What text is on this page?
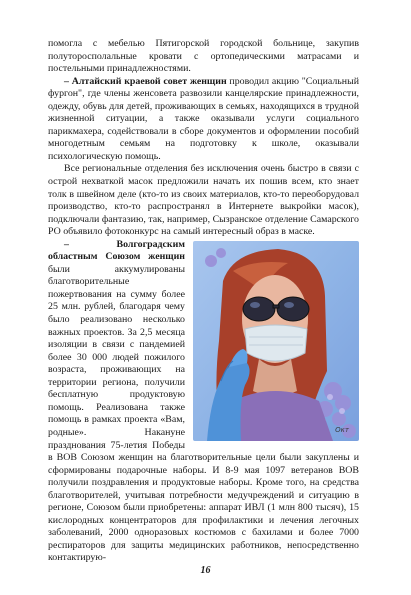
помогла с мебелью Пятигорской городской больнице, закупив полуторосполальные кровати с ортопедическими матрасами и постельными принадлежностями.

– Алтайский краевой совет женщин проводил акцию "Социальный фургон", где члены женсовета развозили канцелярские принадлежности, одежду, обувь для детей, проживающих в семьях, находящихся в трудной жизненной ситуации, а также оказывали услуги социального парикмахера, содействовали в сборе документов и оформлении пособий многодетным семьям на подготовку к школе, оказывали психологическую помощь.

Все региональные отделения без исключения очень быстро в связи с острой нехваткой масок предложили начать их пошив всем, кто знает толк в швейном деле (кто-то из своих материалов, кто-то переоборудовал производство, кто-то распространял в Интернете выкройки масок), подключали фантазию, так, например, Сызранское отделение Самарского РО объявило фотоконкурс на самый интересный образ в маске.

Окт
– Волгоградским областным Союзом женщин были аккумулированы благотворительные пожертвования на сумму более 25 млн. рублей, благодаря чему было реализовано несколько важных проектов. За 2,5 месяца изоляции в связи с пандемией более 30 000 людей пожилого возраста, проживающих на территории региона, получили бесплатную продуктовую помощь. Реализована также помощь в рамках проекта «Вам, родные». Накануне празднования 75-летия Победы в ВОВ Союзом женщин на благотворительные цели были закуплены и сформированы подарочные наборы. И 8-9 мая 1097 ветеранов ВОВ получили поздравления и продуктовые наборы. Кроме того, на средства благотворителей, учитывая потребности медучреждений и ситуацию в регионе, Союзом были приобретены: аппарат ИВЛ (1 млн 800 тысяч), 15 кислородных концентраторов для профилактики и лечения легочных заболеваний, 2000 одноразовых костюмов с бахилами и более 7000 респираторов для защиты медицинских работников, непосредственно контактирую-

16
